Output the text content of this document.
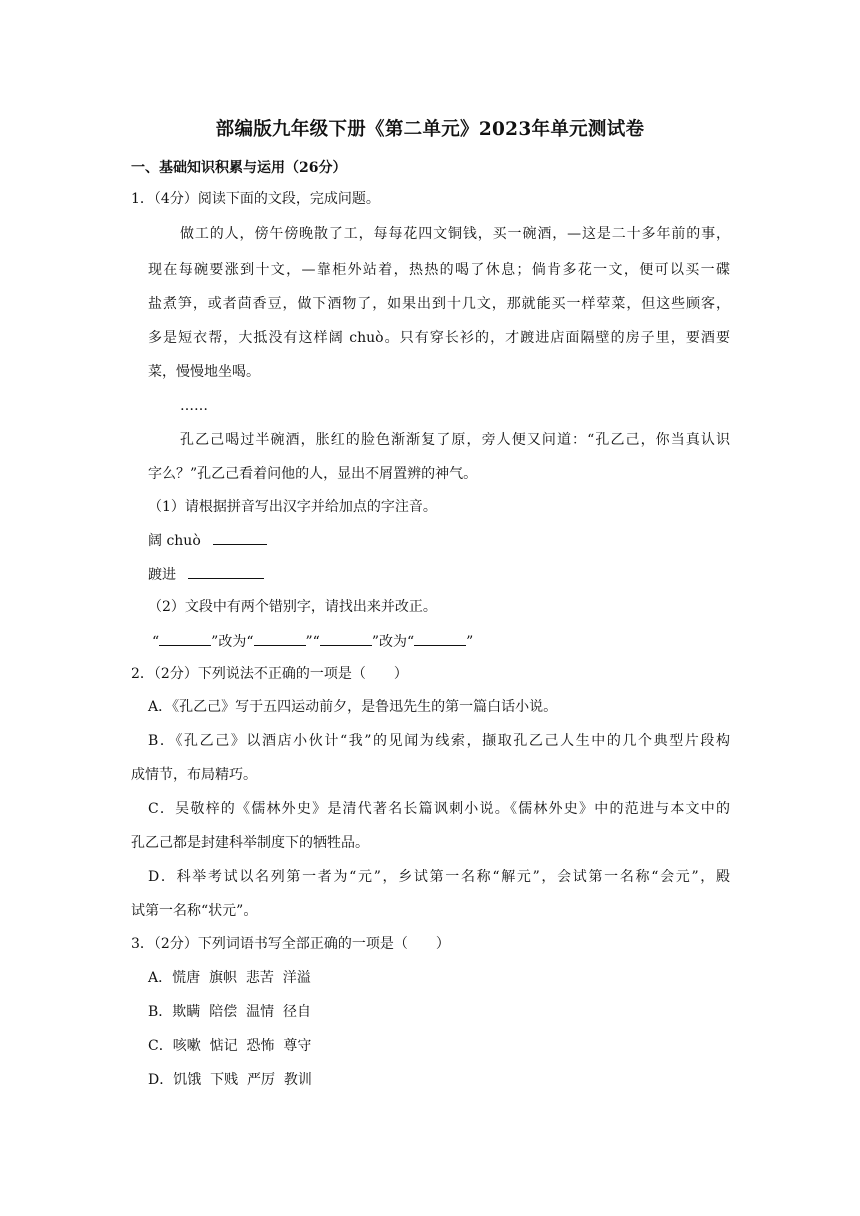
部编版九年级下册《第二单元》2023年单元测试卷
一、基础知识积累与运用（26分）
1．（4分）阅读下面的文段，完成问题。
做工的人，傍午傍晚散了工，每每花四文铜钱，买一碗酒，—这是二十多年前的事，
现在每碗要涨到十文，—靠柜外站着，热热的喝了休息；倘肯多花一文，便可以买一碟
盐煮笋，或者茴香豆，做下酒物了，如果出到十几文，那就能买一样荤菜，但这些顾客，
多是短衣帮，大抵没有这样阔 chuò。只有穿长衫的，才踱进店面隔壁的房子里，要酒要
菜，慢慢地坐喝。
……
孔乙己喝过半碗酒，胀红的脸色渐渐复了原，旁人便又问道：“孔乙己，你当真认识
字么？”孔乙己看着问他的人，显出不屑置辨的神气。
（1）请根据拼音写出汉字并给加点的字注音。
阔 chuò
踱进
（2）文段中有两个错别字，请找出来并改正。
“	”改为“	”“	”改为“	”
2．（2分）下列说法不正确的一项是（　　）
A．《孔乙己》写于五四运动前夕，是鲁迅先生的第一篇白话小说。
B．《孔乙己》以酒店小伙计“我”的见闻为线索，撷取孔乙己人生中的几个典型片段构
成情节，布局精巧。
C．吴敬梓的《儒林外史》是清代著名长篇讽刺小说。《儒林外史》中的范进与本文中的
孔乙己都是封建科举制度下的牺牲品。
D．科举考试以名列第一者为“元”，乡试第一名称“解元”，会试第一名称“会元”，殿
试第一名称“状元”。
3．（2分）下列词语书写全部正确的一项是（　　）
A．慌唐  旗帜  悲苦  洋溢
B．欺瞒  陪偿  温情  径自
C．咳嗽  惦记  恐怖  尊守
D．饥饿  下贱  严厉  教训
